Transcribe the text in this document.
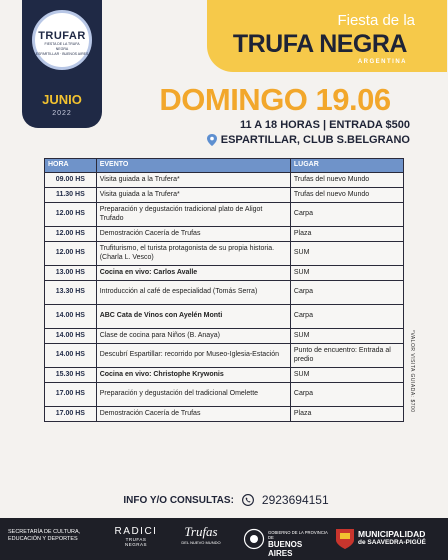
TRUFAR
FIESTA DE LA TRUFA NEGRA
ESPARTILLAR · BUENOS AIRES
JUNIO
2022
Fiesta de la
TRUFA NEGRA
ARGENTINA
DOMINGO 19.06
11 A 18 HORAS | ENTRADA $500
ESPARTILLAR, CLUB S.BELGRANO
HORA	EVENTO	LUGAR
09.00 HS	Visita guiada a la Trufera*	Trufas del nuevo Mundo
11.30 HS	Visita guiada a la Trufera*	Trufas del nuevo Mundo
12.00 HS	Preparación y degustación tradicional plato de Aligot Trufado	Carpa
12.00 HS	Demostración Cacería de Trufas	Plaza
12.00 HS	Trufiturismo, el turista protagonista de su propia historia. (Charla L. Vesco)	SUM
13.00 HS	Cocina en vivo: Carlos Avalle	SUM
13.30 HS	Introducción al café de especialidad (Tomás Serra)	Carpa
14.00 HS	ABC Cata de Vinos con Ayelén Monti	Carpa
14.00 HS	Clase de cocina para Niños (B. Anaya)	SUM
14.00 HS	Descubrí Espartillar: recorrido por Museo-Iglesia-Estación	Punto de encuentro: Entrada al predio
15.30 HS	Cocina en vivo: Christophe Krywonis	SUM
17.00 HS	Preparación y degustación del tradicional Omelette	Carpa
17.00 HS	Demostración Cacería de Trufas	Plaza
*VALOR VISITA GUIADA: $700
INFO Y/O CONSULTAS: 2923694151
SECRETARÍA DE CULTURA, EDUCACIÓN Y DEPORTES
RADICI
TRUFAS NEGRAS
Trufas
DEL NUEVO MUNDO
GOBIERNO DE LA PROVINCIA DE
BUENOS AIRES
MUNICIPALIDAD
de SAAVEDRA-PIGÜÉ
